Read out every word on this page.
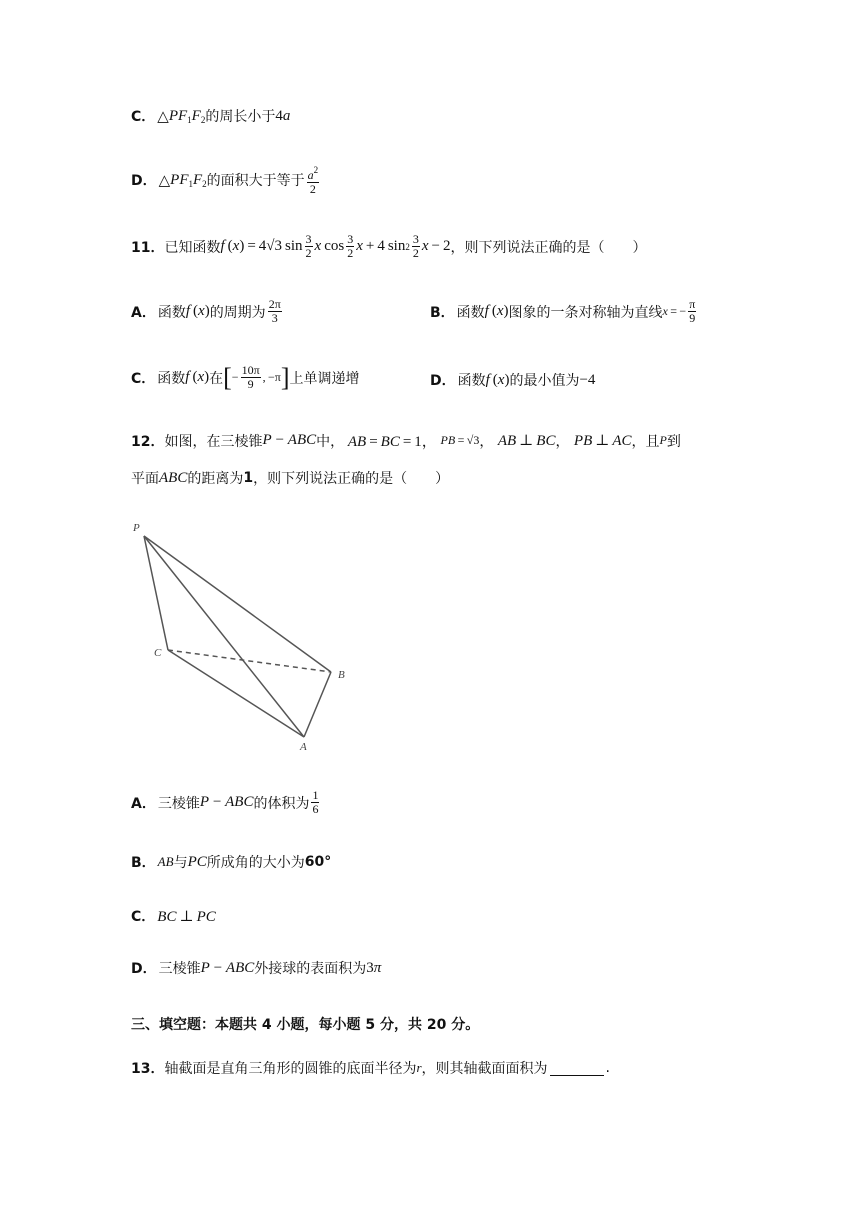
C． △ $PF_1F_2$ 的周长小于 4a
D． △ $PF_1F_2$ 的面积大于等于 $\frac{a^2}{2}$
11． 已知函数 f  ( x ) = 4√3 $\sin \frac{3}{2}$ x  $\cos \frac{3}{2}$ x  + 4 $\sin 2 \frac{3}{2}$ x  − 2 ，则下列说法正确的是（　　）
A． 函数 f (x) 的周期为 $\frac{2\pi}{3}$	B． 函数 f (x) 图象的一条对称轴为直线 x  = − $\frac{\pi}{9}$
C． 函数 f (x) 在 [ − $\frac{10\pi}{9}$ , −π ] 上单调递增	D． 函数 f (x) 的最小值为 −4
12． 如图，在三棱锥 P − ABC 中， AB = BC = 1， PB = √3 ， AB ⊥ BC ， PB ⊥ AC ，且 P 到
平面 ABC 的距离为 1 ，则下列说法正确的是（　　）
P
C
B
A
A． 三棱锥 P − ABC 的体积为 $\frac{1}{6}$
B． AB 与 PC 所成角的大小为 60°
C． BC ⊥ PC
D． 三棱锥 P − ABC 外接球的表面积为 3π
三、填空题：本题共 4 小题，每小题 5 分，共 20 分。
13． 轴截面是直角三角形的圆锥的底面半径为 r ，则其轴截面面积为	.
